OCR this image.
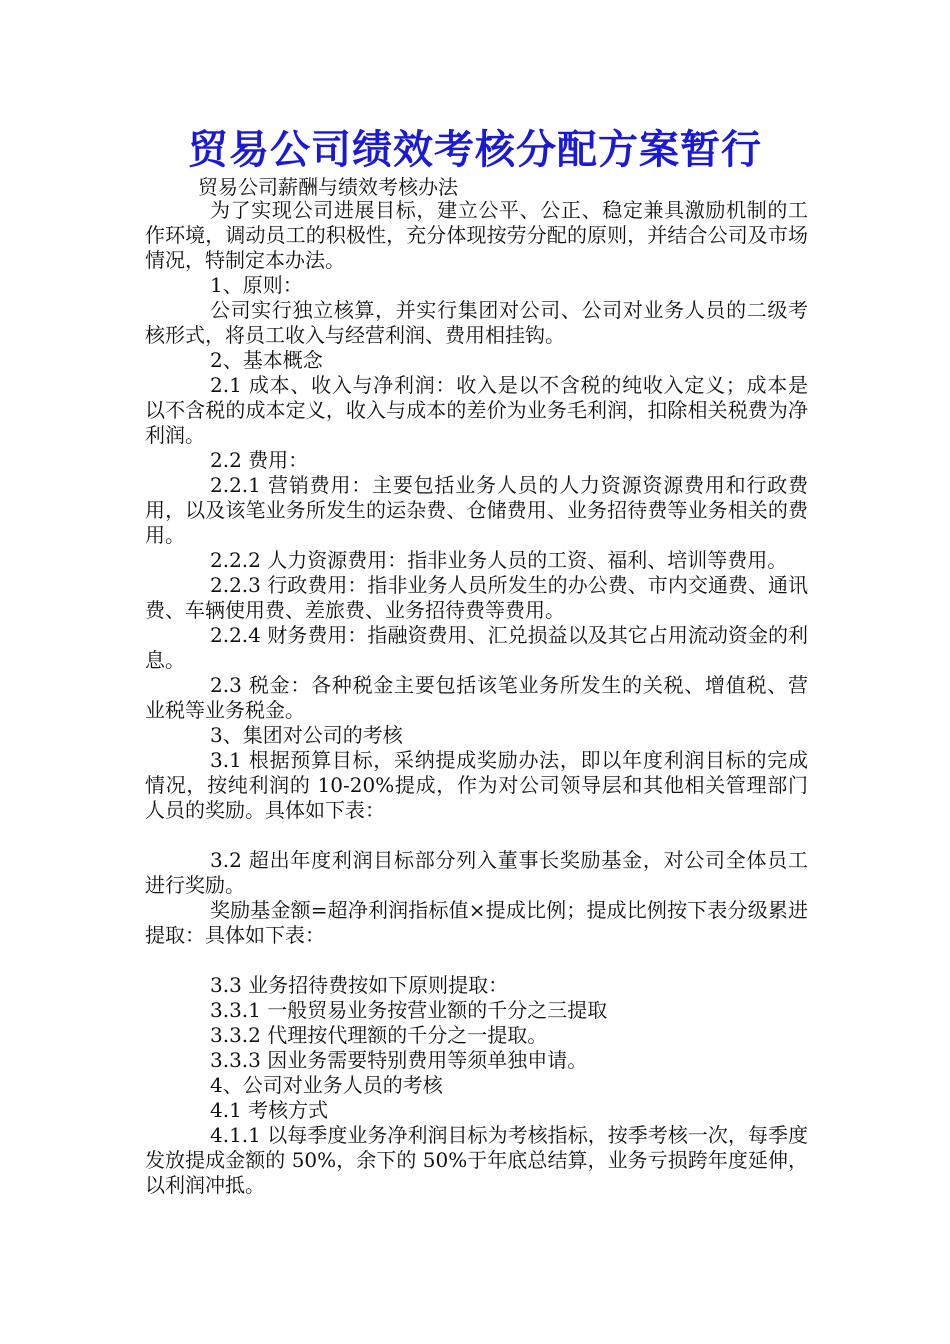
贸易公司绩效考核分配方案暂行
贸易公司薪酬与绩效考核办法

为了实现公司进展目标，建立公平、公正、稳定兼具激励机制的工作环境，调动员工的积极性，充分体现按劳分配的原则，并结合公司及市场情况，特制定本办法。

1、原则：

公司实行独立核算，并实行集团对公司、公司对业务人员的二级考核形式，将员工收入与经营利润、费用相挂钩。

2、基本概念

2.1 成本、收入与净利润：收入是以不含税的纯收入定义；成本是以不含税的成本定义，收入与成本的差价为业务毛利润，扣除相关税费为净利润。

2.2 费用：

2.2.1 营销费用：主要包括业务人员的人力资源资源费用和行政费用，以及该笔业务所发生的运杂费、仓储费用、业务招待费等业务相关的费用。

2.2.2 人力资源费用：指非业务人员的工资、福利、培训等费用。

2.2.3 行政费用：指非业务人员所发生的办公费、市内交通费、通讯费、车辆使用费、差旅费、业务招待费等费用。

2.2.4 财务费用：指融资费用、汇兑损益以及其它占用流动资金的利息。

2.3 税金：各种税金主要包括该笔业务所发生的关税、增值税、营业税等业务税金。

3、集团对公司的考核

3.1 根据预算目标，采纳提成奖励办法，即以年度利润目标的完成情况，按纯利润的 10-20%提成，作为对公司领导层和其他相关管理部门人员的奖励。具体如下表：

3.2 超出年度利润目标部分列入董事长奖励基金，对公司全体员工进行奖励。

奖励基金额=超净利润指标值×提成比例；提成比例按下表分级累进提取：具体如下表：

3.3 业务招待费按如下原则提取：

3.3.1 一般贸易业务按营业额的千分之三提取

3.3.2 代理按代理额的千分之一提取。

3.3.3 因业务需要特别费用等须单独申请。

4、公司对业务人员的考核

4.1 考核方式

4.1.1 以每季度业务净利润目标为考核指标，按季考核一次，每季度发放提成金额的 50%，余下的 50%于年底总结算，业务亏损跨年度延伸，以利润冲抵。
